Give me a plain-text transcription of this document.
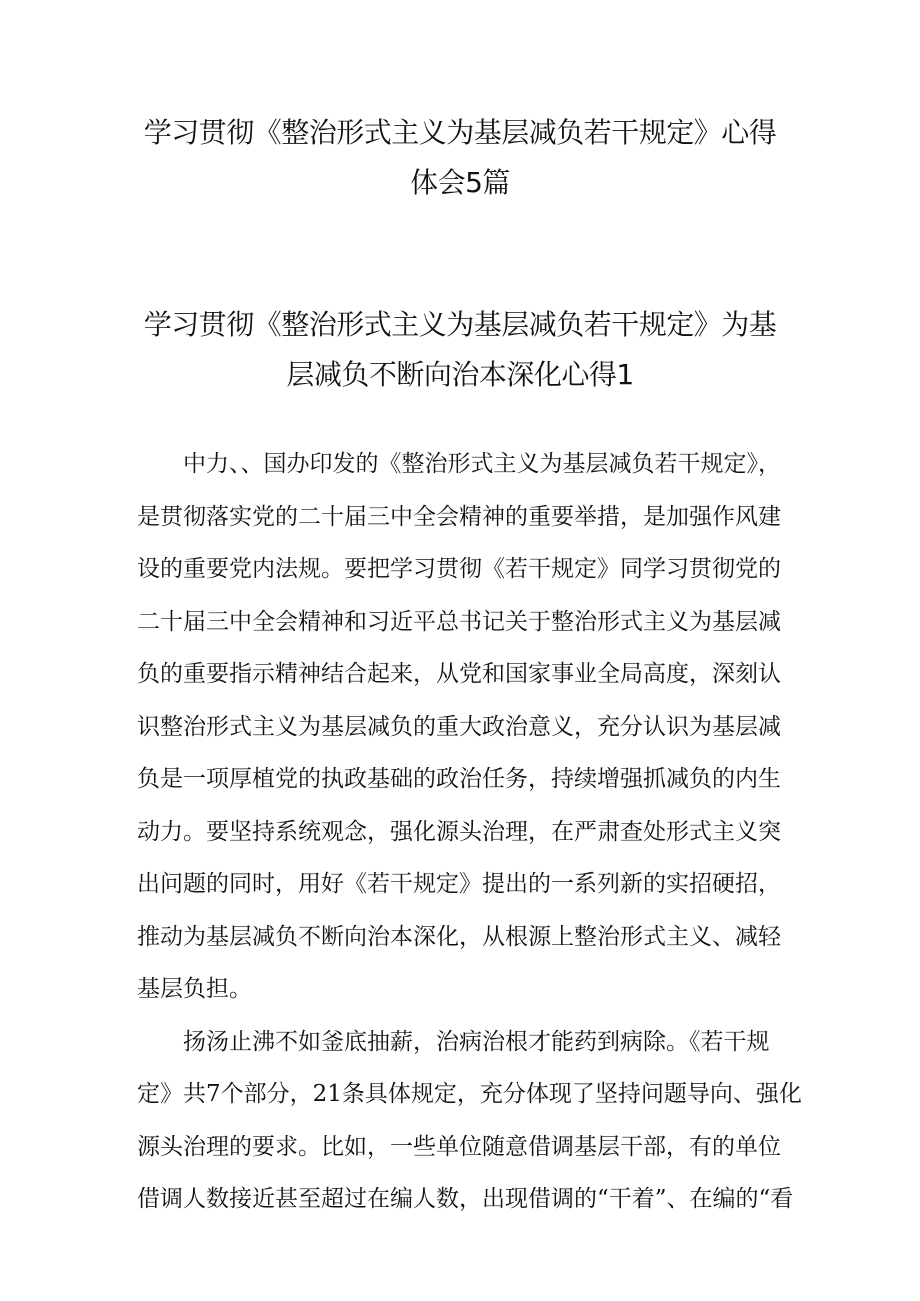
学习贯彻《整治形式主义为基层减负若干规定》心得
体会5篇
学习贯彻《整治形式主义为基层减负若干规定》为基
层减负不断向治本深化心得1

中力、、国办印发的《整治形式主义为基层减负若干规定》，
是贯彻落实党的二十届三中全会精神的重要举措，是加强作风建
设的重要党内法规。要把学习贯彻《若干规定》同学习贯彻党的
二十届三中全会精神和习近平总书记关于整治形式主义为基层减
负的重要指示精神结合起来，从党和国家事业全局高度，深刻认
识整治形式主义为基层减负的重大政治意义，充分认识为基层减
负是一项厚植党的执政基础的政治任务，持续增强抓减负的内生
动力。要坚持系统观念，强化源头治理，在严肃查处形式主义突
出问题的同时，用好《若干规定》提出的一系列新的实招硬招，
推动为基层减负不断向治本深化，从根源上整治形式主义、减轻
基层负担。

扬汤止沸不如釜底抽薪，治病治根才能药到病除。《若干规
定》共7个部分，21条具体规定，充分体现了坚持问题导向、强化
源头治理的要求。比如，一些单位随意借调基层干部，有的单位
借调人数接近甚至超过在编人数，出现借调的“干着”、在编的“看
